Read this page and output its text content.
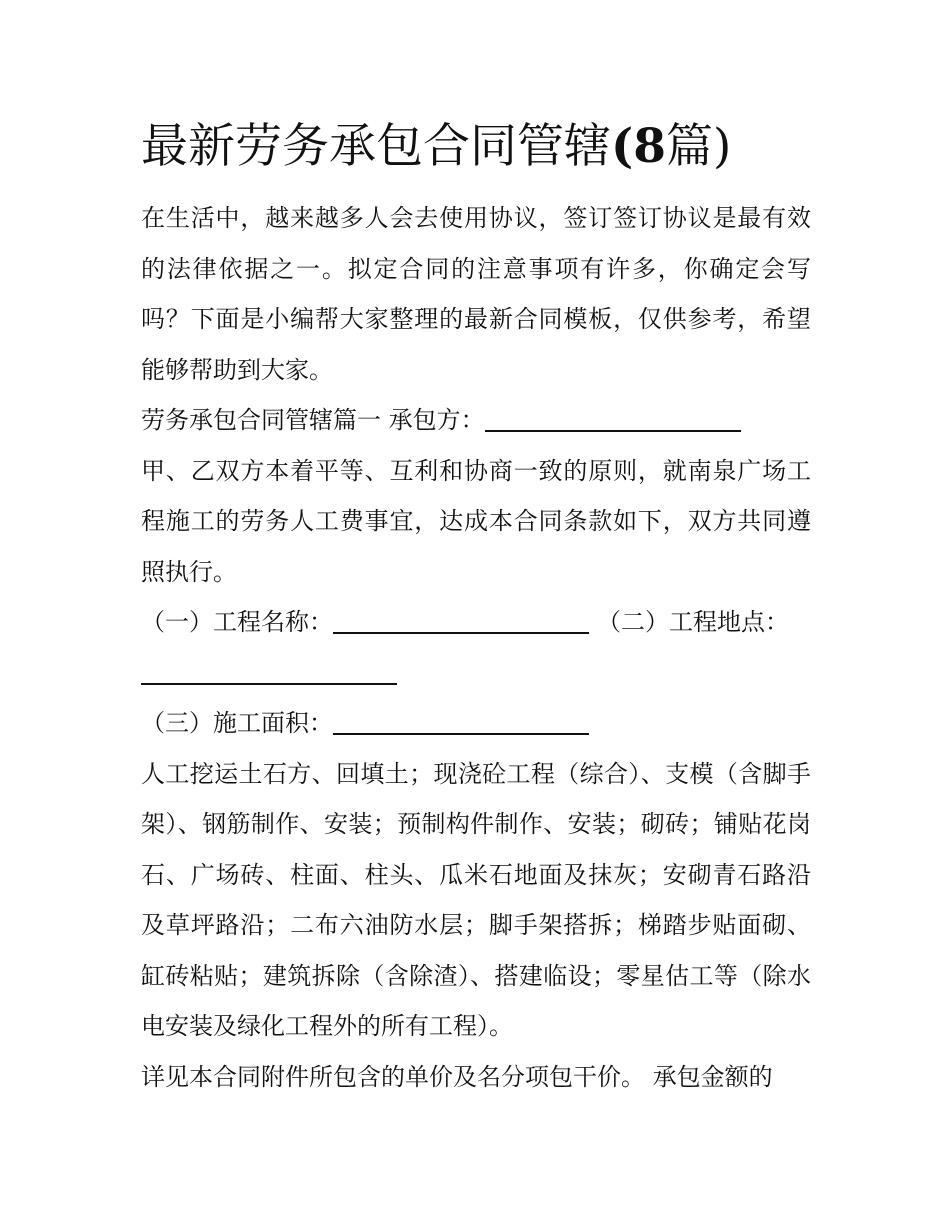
最新劳务承包合同管辖(8篇)

在生活中，越来越多人会去使用协议，签订签订协议是最有效的法律依据之一。拟定合同的注意事项有许多，你确定会写吗？下面是小编帮大家整理的最新合同模板，仅供参考，希望能够帮助到大家。

劳务承包合同管辖篇一 承包方：

甲、乙双方本着平等、互利和协商一致的原则，就南泉广场工程施工的劳务人工费事宜，达成本合同条款如下，双方共同遵照执行。

（一）工程名称：	（二）工程地点：
（三）施工面积：

人工挖运土石方、回填土；现浇砼工程（综合）、支模（含脚手架）、钢筋制作、安装；预制构件制作、安装；砌砖；铺贴花岗石、广场砖、柱面、柱头、瓜米石地面及抹灰；安砌青石路沿及草坪路沿；二布六油防水层；脚手架搭拆；梯踏步贴面砌、缸砖粘贴；建筑拆除（含除渣）、搭建临设；零星估工等（除水电安装及绿化工程外的所有工程）。

详见本合同附件所包含的单价及名分项包干价。 承包金额的
